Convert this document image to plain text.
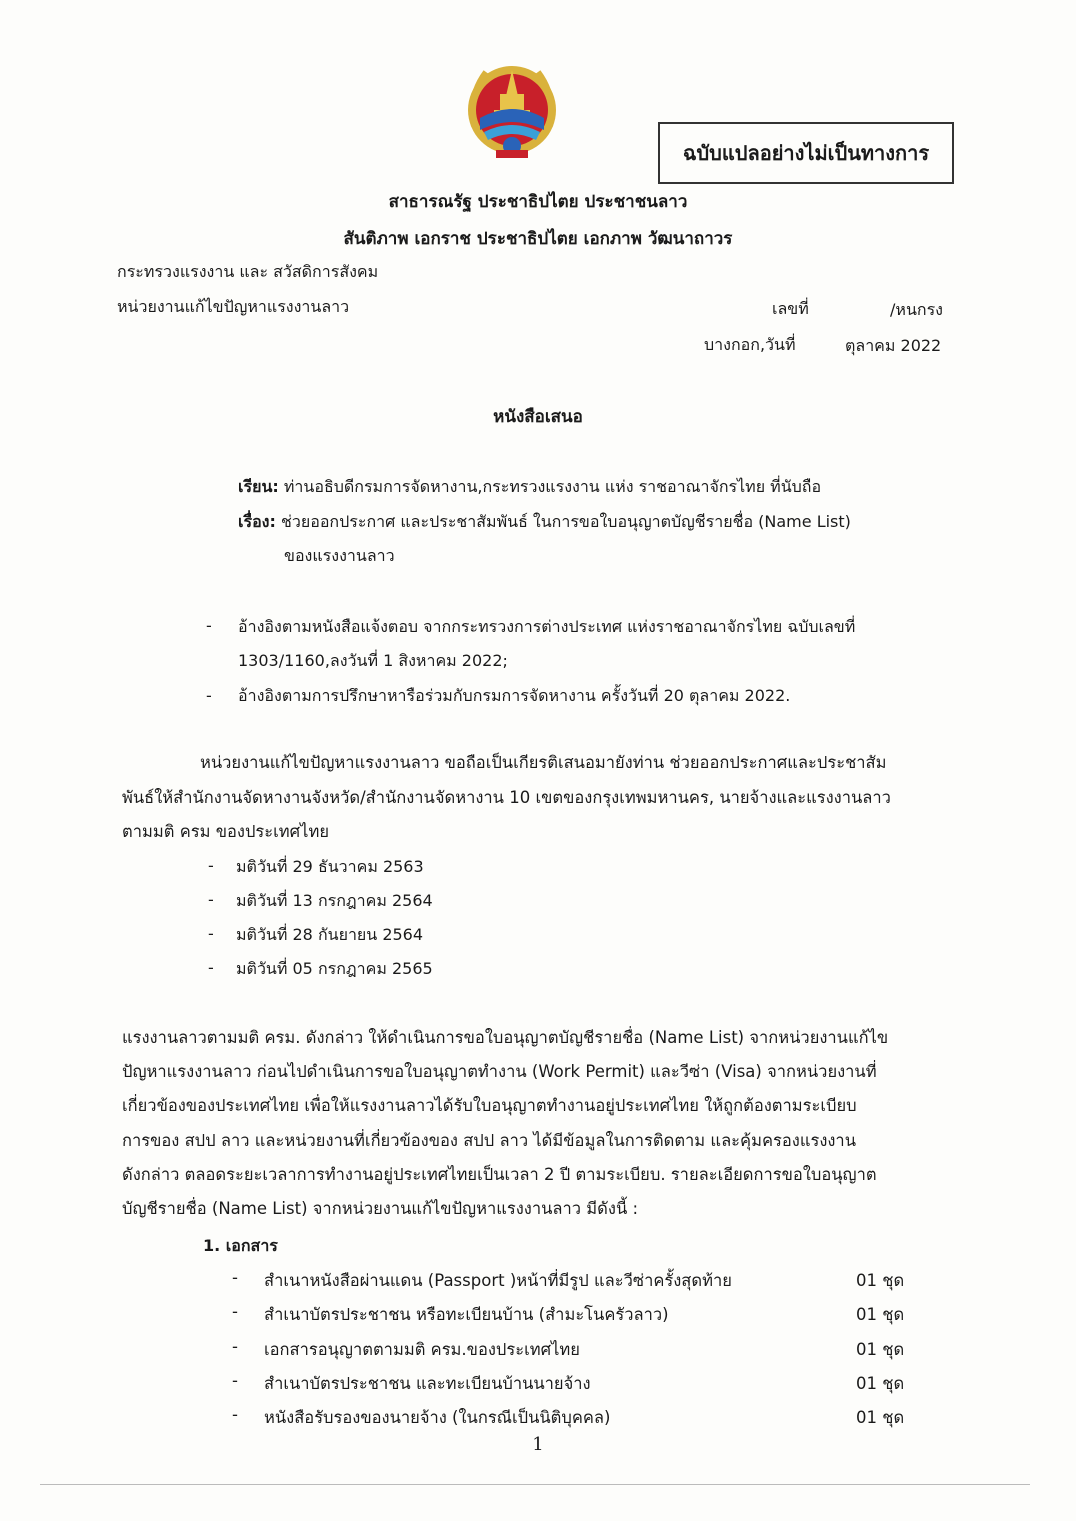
ฉบับแปลอย่างไม่เป็นทางการ
สาธารณรัฐ ประชาธิปไตย ประชาชนลาว
สันติภาพ เอกราช ประชาธิปไตย เอกภาพ วัฒนาถาวร
กระทรวงแรงงาน และ สวัสดิการสังคม
หน่วยงานแก้ไขปัญหาแรงงานลาว	เลขที่	/หนกรง
บางกอก,วันที่	ตุลาคม 2022
หนังสือเสนอ
เรียน: ท่านอธิบดีกรมการจัดหางาน,กระทรวงแรงงาน แห่ง ราชอาณาจักรไทย ที่นับถือ
เรื่อง: ช่วยออกประกาศ และประชาสัมพันธ์ ในการขอใบอนุญาตบัญชีรายชื่อ (Name List)
ของแรงงานลาว
- อ้างอิงตามหนังสือแจ้งตอบ จากกระทรวงการต่างประเทศ แห่งราชอาณาจักรไทย ฉบับเลขที่
1303/1160,ลงวันที่ 1 สิงหาคม 2022;
- อ้างอิงตามการปรึกษาหารือร่วมกับกรมการจัดหางาน ครั้งวันที่ 20 ตุลาคม 2022.
หน่วยงานแก้ไขปัญหาแรงงานลาว ขอถือเป็นเกียรติเสนอมายังท่าน ช่วยออกประกาศและประชาสัม
พันธ์ให้สำนักงานจัดหางานจังหวัด/สำนักงานจัดหางาน 10 เขตของกรุงเทพมหานคร, นายจ้างและแรงงานลาว
ตามมติ ครม ของประเทศไทย
- มติวันที่ 29 ธันวาคม 2563
- มติวันที่ 13 กรกฎาคม 2564
- มติวันที่ 28 กันยายน 2564
- มติวันที่ 05 กรกฎาคม 2565
แรงงานลาวตามมติ ครม. ดังกล่าว ให้ดำเนินการขอใบอนุญาตบัญชีรายชื่อ (Name List) จากหน่วยงานแก้ไข
ปัญหาแรงงานลาว ก่อนไปดำเนินการขอใบอนุญาตทำงาน (Work Permit) และวีซ่า (Visa) จากหน่วยงานที่
เกี่ยวข้องของประเทศไทย เพื่อให้แรงงานลาวได้รับใบอนุญาตทำงานอยู่ประเทศไทย ให้ถูกต้องตามระเบียบ
การของ สปป ลาว และหน่วยงานที่เกี่ยวข้องของ สปป ลาว ได้มีข้อมูลในการติดตาม และคุ้มครองแรงงาน
ดังกล่าว ตลอดระยะเวลาการทำงานอยู่ประเทศไทยเป็นเวลา 2 ปี ตามระเบียบ. รายละเอียดการขอใบอนุญาต
บัญชีรายชื่อ (Name List) จากหน่วยงานแก้ไขปัญหาแรงงานลาว มีดังนี้ :
1. เอกสาร
- สำเนาหนังสือผ่านแดน (Passport )หน้าที่มีรูป และวีซ่าครั้งสุดท้าย	01 ชุด
- สำเนาบัตรประชาชน หรือทะเบียนบ้าน (สำมะโนครัวลาว)	01 ชุด
- เอกสารอนุญาตตามมติ ครม.ของประเทศไทย	01 ชุด
- สำเนาบัตรประชาชน และทะเบียนบ้านนายจ้าง	01 ชุด
- หนังสือรับรองของนายจ้าง (ในกรณีเป็นนิติบุคคล)	01 ชุด
1
